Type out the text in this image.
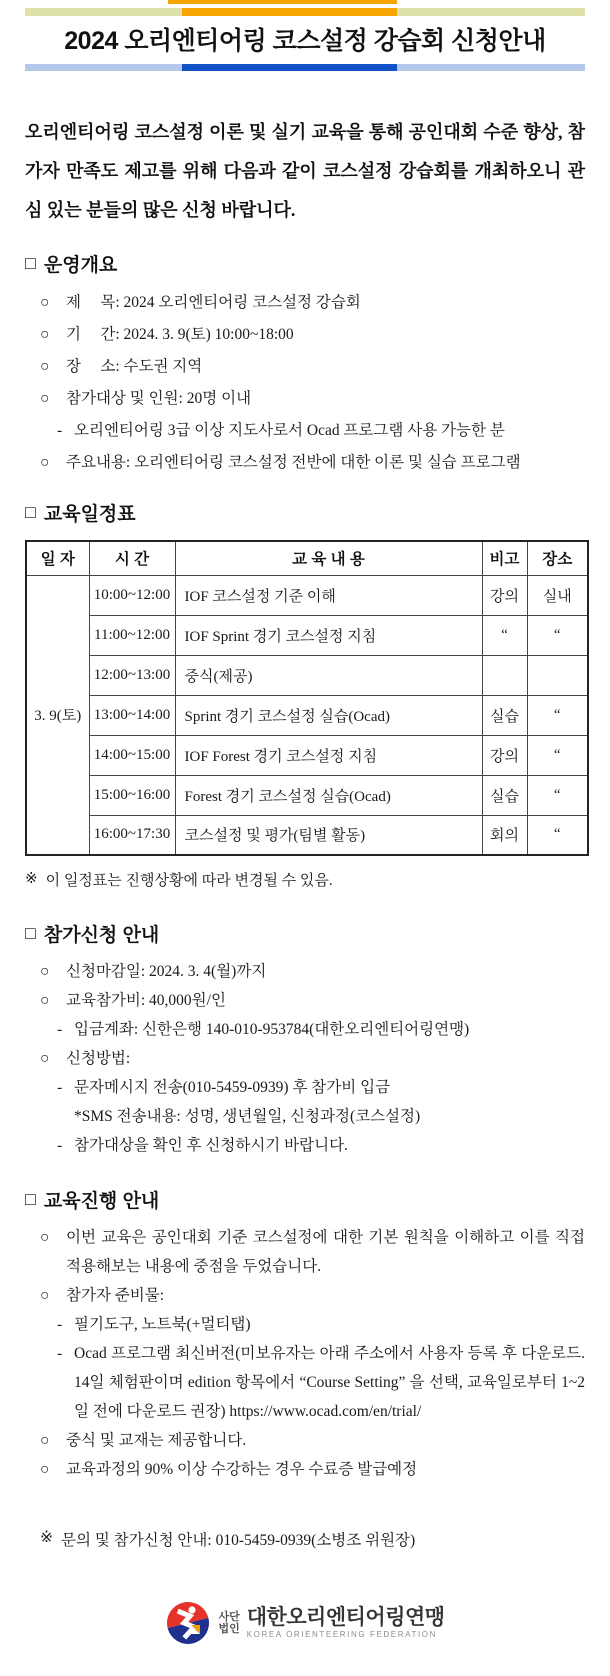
2024 오리엔티어링 코스설정 강습회 신청안내

오리엔티어링 코스설정 이론 및 실기 교육을 통해 공인대회 수준 향상, 참가자 만족도 제고를 위해 다음과 같이 코스설정 강습회를 개최하오니 관심 있는 분들의 많은 신청 바랍니다.

□ 운영개요
○	제     목: 2024 오리엔티어링 코스설정 강습회
○	기     간: 2024. 3. 9(토) 10:00~18:00
○	장     소: 수도권 지역
○	참가대상 및 인원: 20명 이내
- 오리엔티어링 3급 이상 지도사로서 Ocad 프로그램 사용 가능한 분
○	주요내용: 오리엔티어링 코스설정 전반에 대한 이론 및 실습 프로그램
□ 교육일정표
일 자	시 간	교 육 내 용	비고	장소
3. 9(토)	10:00~12:00	IOF 코스설정 기준 이해	강의	실내
	11:00~12:00	IOF Sprint 경기 코스설정 지침	“	“
	12:00~13:00	중식(제공)		
	13:00~14:00	Sprint 경기 코스설정 실습(Ocad)	실습	“
	14:00~15:00	IOF Forest 경기 코스설정 지침	강의	“
	15:00~16:00	Forest 경기 코스설정 실습(Ocad)	실습	“
	16:00~17:30	코스설정 및 평가(팀별 활동)	회의	“

※ 이 일정표는 진행상황에 따라 변경될 수 있음.

□ 참가신청 안내
○	신청마감일: 2024. 3. 4(월)까지
○	교육참가비: 40,000원/인
- 입금계좌: 신한은행 140-010-953784(대한오리엔티어링연맹)
○	신청방법:
- 문자메시지 전송(010-5459-0939) 후 참가비 입금
*SMS 전송내용: 성명, 생년월일, 신청과정(코스설정)
- 참가대상을 확인 후 신청하시기 바랍니다.
□ 교육진행 안내
○	이번 교육은 공인대회 기준 코스설정에 대한 기본 원칙을 이해하고 이를 직접 적용해보는 내용에 중점을 두었습니다.
○	참가자 준비물:
- 필기도구, 노트북(+멀티탭)
- Ocad 프로그램 최신버전(미보유자는 아래 주소에서 사용자 등록 후 다운로드. 14일 체험판이며 edition 항목에서 “Course Setting” 을 선택, 교육일로부터 1~2일 전에 다운로드 권장) https://www.ocad.com/en/trial/
○	중식 및 교재는 제공합니다.
○	교육과정의 90% 이상 수강하는 경우 수료증 발급예정

※ 문의 및 참가신청 안내: 010-5459-0939(소병조 위원장)

사단
법인 대한오리엔티어링연맹
KOREA ORIENTEERING FEDERATION
